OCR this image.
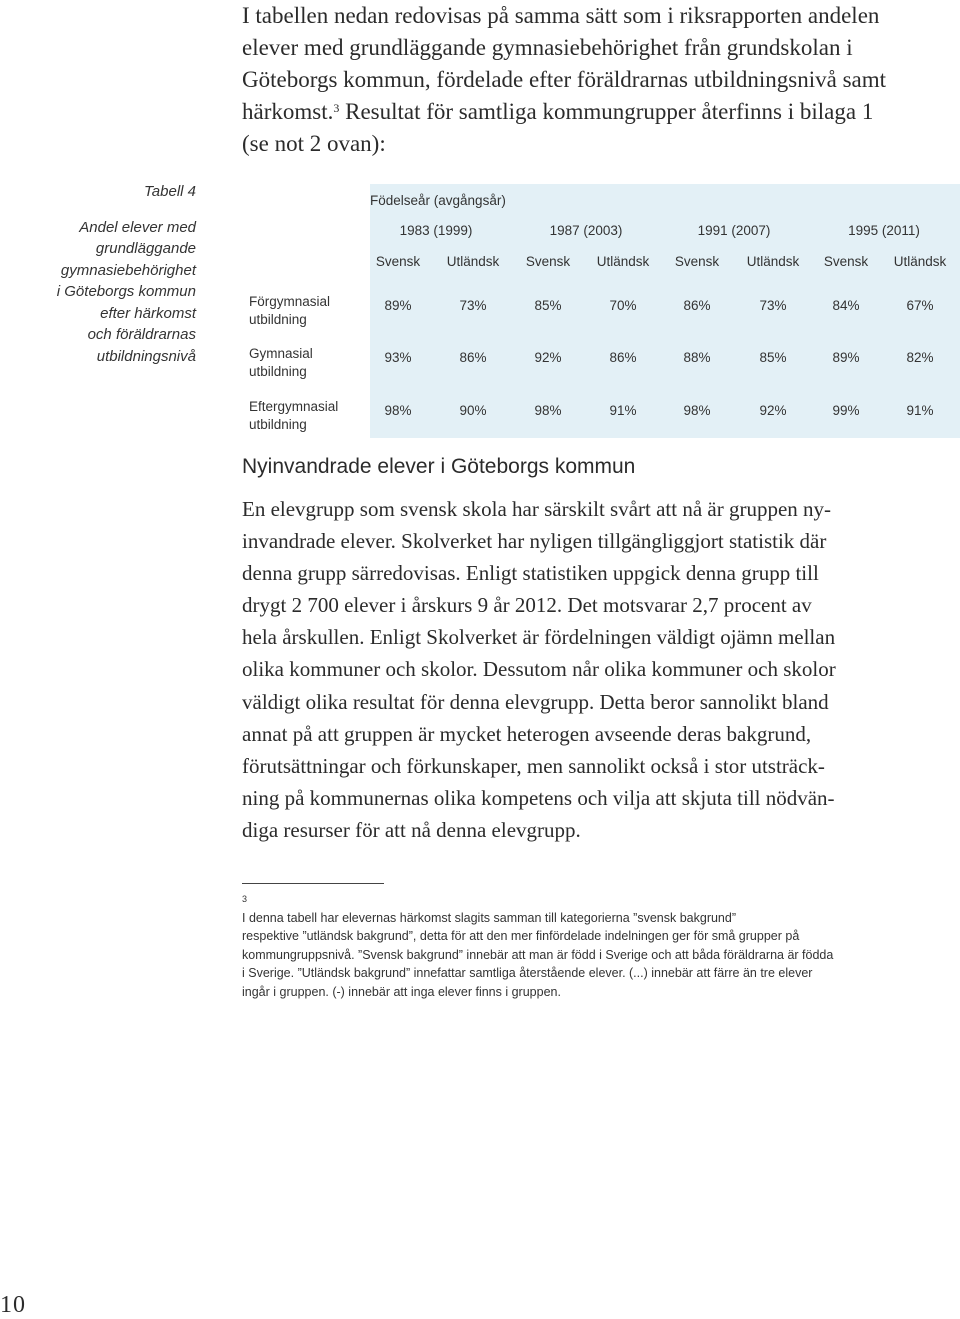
I tabellen nedan redovisas på samma sätt som i riksrapporten andelen
elever med grundläggande gymnasiebehörighet från grundskolan i
Göteborgs kommun, fördelade efter föräldrarnas utbildningsnivå samt
härkomst.$^3$ Resultat för samtliga kommungrupper återfinns i bilaga 1
(se not 2 ovan):
Tabell 4
Andel elever med
grundläggande
gymnasiebehörighet
i Göteborgs kommun
efter härkomst
och föräldrarnas
utbildningsnivå
Födelseår (avgångsår)
1983 (1999)	1987 (2003)	1991 (2007)	1995 (2011)
Svensk Utländsk Svensk Utländsk Svensk Utländsk Svensk Utländsk
Förgymnasial
utbildning
89%	73%	85%	70%	86%	73%	84%	67%
Gymnasial
utbildning
93%	86%	92%	86%	88%	85%	89%	82%
Eftergymnasial
utbildning
98%	90%	98%	91%	98%	92%	99%	91%
Nyinvandrade elever i Göteborgs kommun
En elevgrupp som svensk skola har särskilt svårt att nå är gruppen ny-
invandrade elever. Skolverket har nyligen tillgängliggjort statistik där
denna grupp särredovisas. Enligt statistiken uppgick denna grupp till
drygt 2 700 elever i årskurs 9 år 2012. Det motsvarar 2,7 procent av
hela årskullen. Enligt Skolverket är fördelningen väldigt ojämn mellan
olika kommuner och skolor. Dessutom når olika kommuner och skolor
väldigt olika resultat för denna elevgrupp. Detta beror sannolikt bland
annat på att gruppen är mycket heterogen avseende deras bakgrund,
förutsättningar och förkunskaper, men sannolikt också i stor utsträck-
ning på kommunernas olika kompetens och vilja att skjuta till nödvän-
diga resurser för att nå denna elevgrupp.
$^3$
I denna tabell har elevernas härkomst slagits samman till kategorierna ”svensk bakgrund”
respektive ”utländsk bakgrund”, detta för att den mer finfördelade indelningen ger för små grupper på
kommungruppsnivå. ”Svensk bakgrund” innebär att man är född i Sverige och att båda föräldrarna är födda
i Sverige. ”Utländsk bakgrund” innefattar samtliga återstående elever. (...) innebär att färre än tre elever
ingår i gruppen. (-) innebär att inga elever finns i gruppen.
10
